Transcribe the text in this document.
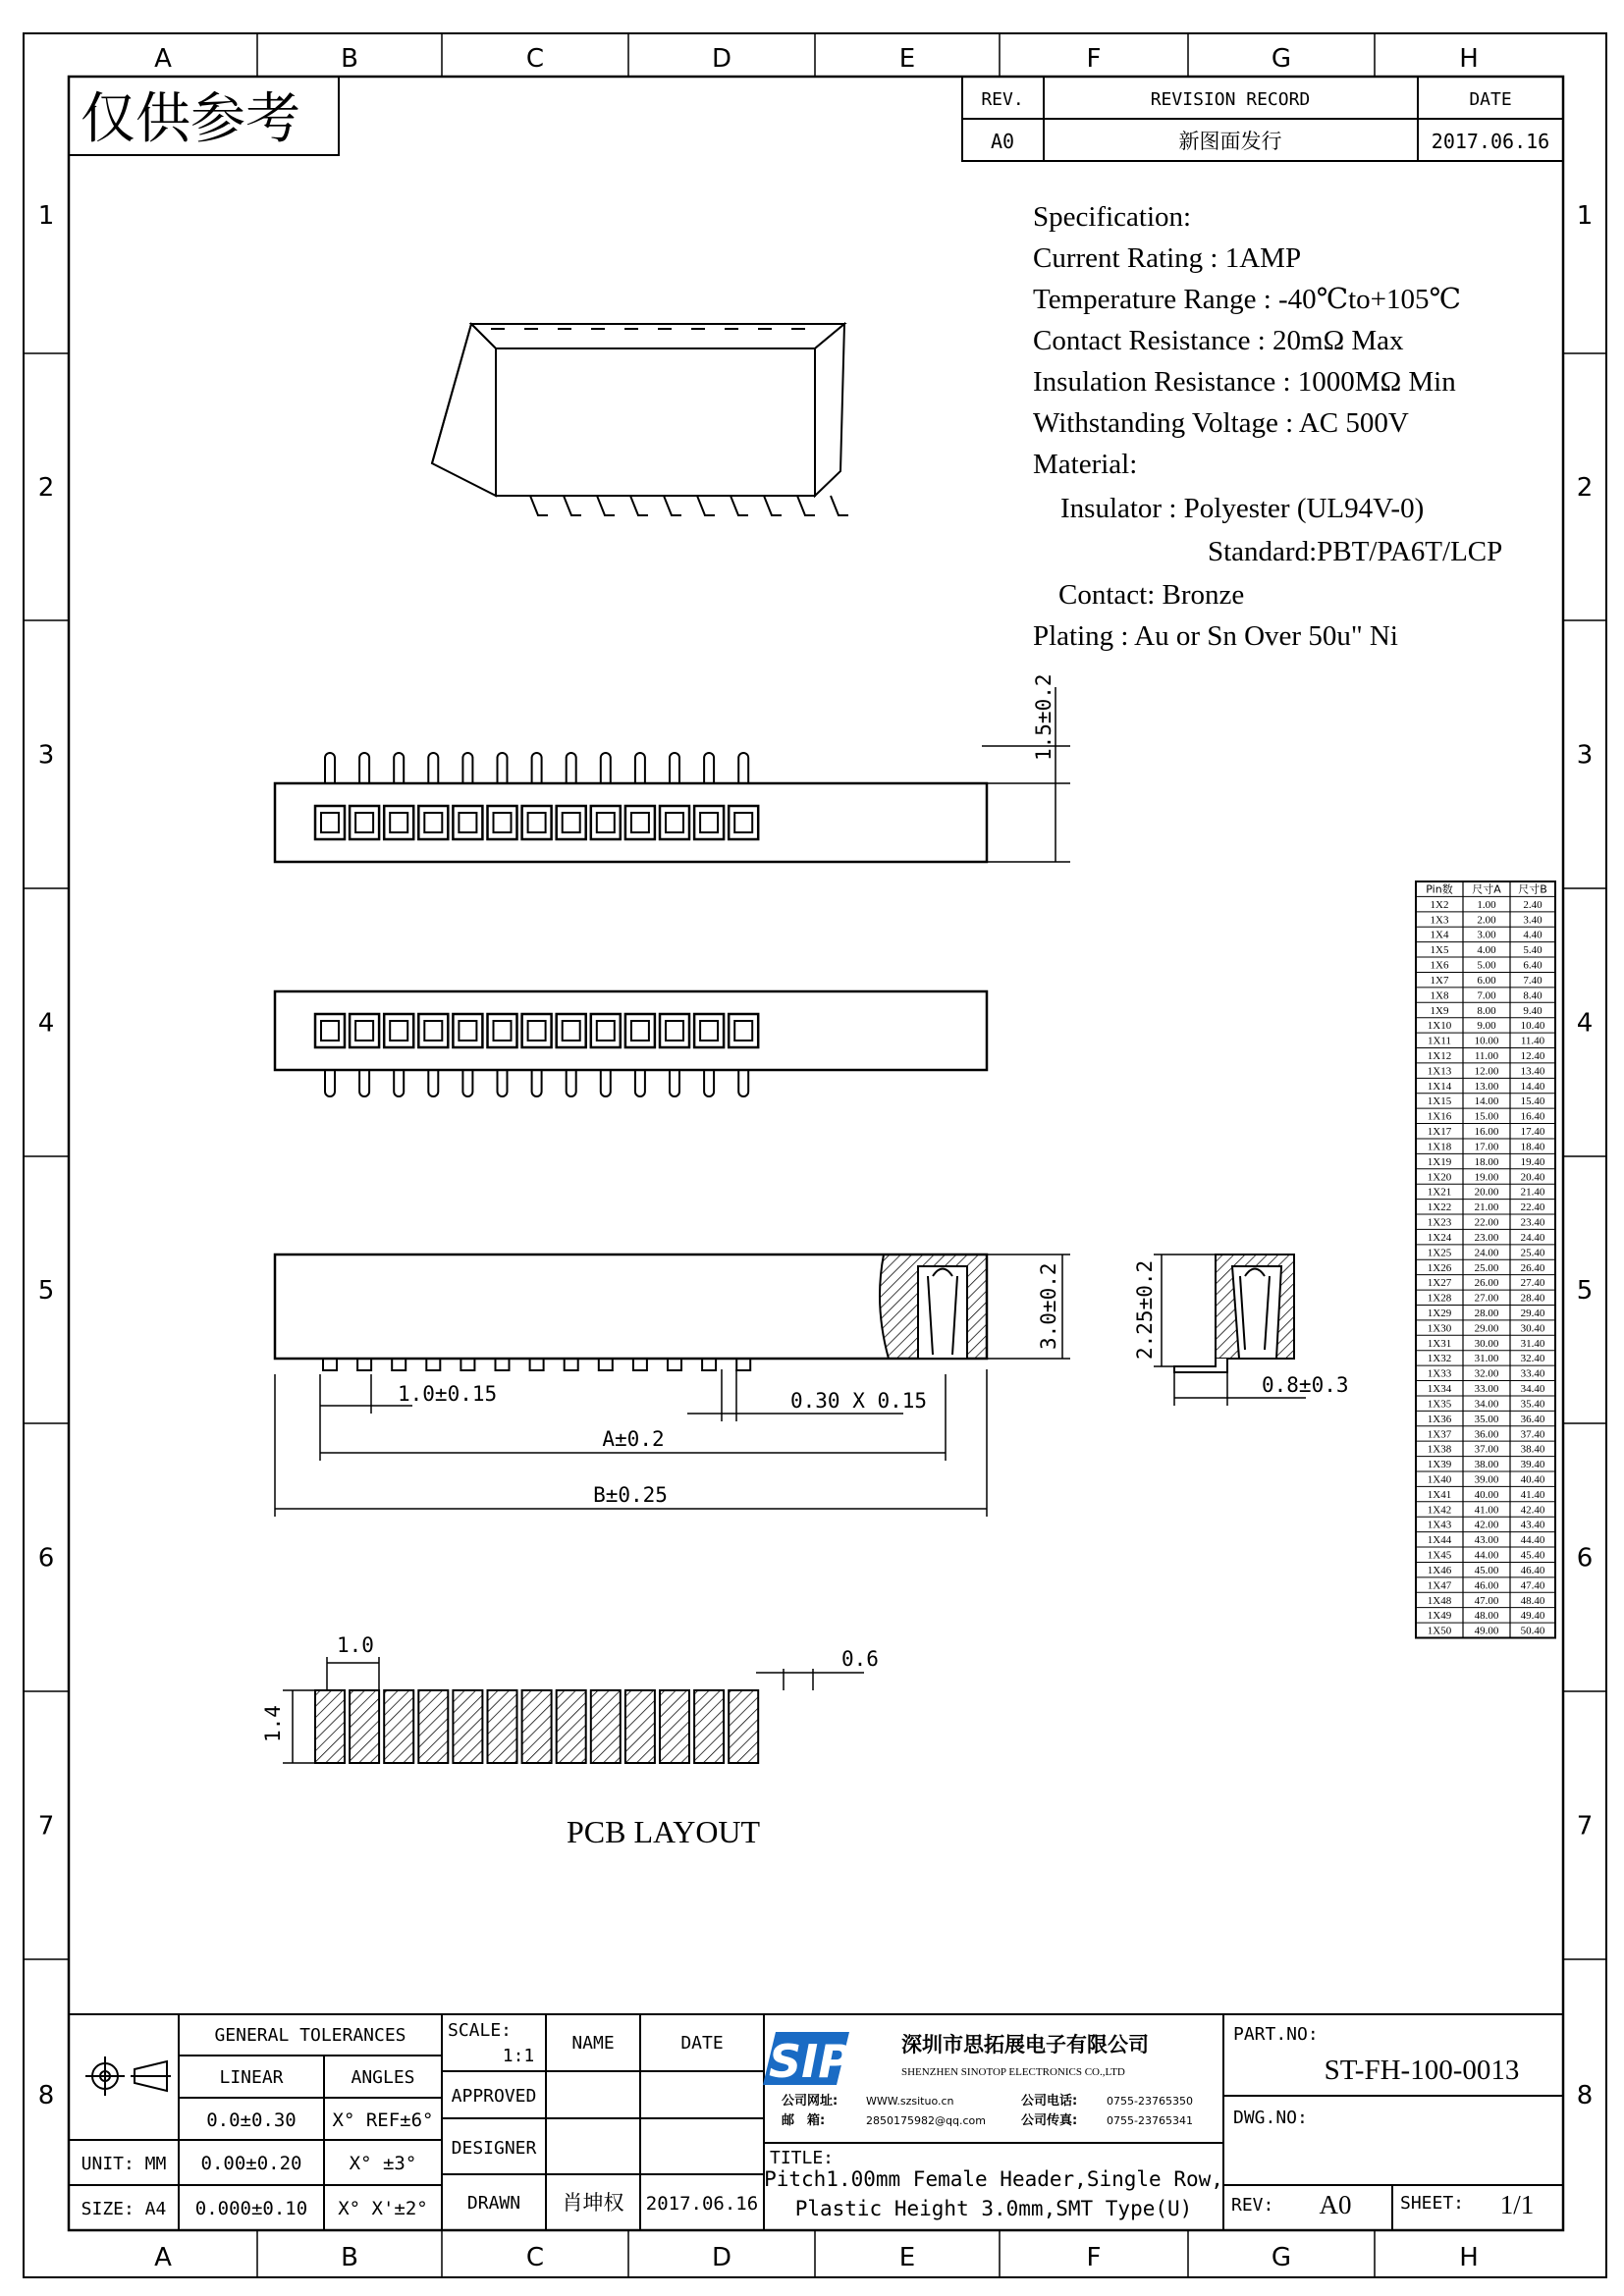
A
A
B
B
C
C
D
D
E
E
F
F
G
G
H
H
1	1
2	2
3	3
4	4
5	5
6	6
7	7
8	8
仅供参考	REV.	REVISION RECORD	DATE
A0	新图面发行	2017.06.16
Specification:
Current Rating : 1AMP
Temperature Range : -40℃to+105℃
Contact Resistance : 20mΩ Max
Insulation Resistance : 1000MΩ Min
Withstanding Voltage : AC 500V
Material:
Insulator : Polyester (UL94V-0)
Standard:PBT/PA6T/LCP
Contact: Bronze
Plating : Au or Sn Over 50u" Ni
1.5±0.2
3.0±0.2
1.0±0.15	0.30 X 0.15
A±0.2
B±0.25
2.25±0.2
0.8±0.3
1.0
0.6
1.4
PCB LAYOUT
Pin数 尺寸A 尺寸B
1X2	1.00	2.40
1X3	2.00	3.40
1X4	3.00	4.40
1X5	4.00	5.40
1X6	5.00	6.40
1X7	6.00	7.40
1X8	7.00	8.40
1X9	8.00	9.40
1X10 9.00 10.40
1X11 10.00 11.40
1X12 11.00 12.40
1X13 12.00 13.40
1X14 13.00 14.40
1X15 14.00 15.40
1X16 15.00 16.40
1X17 16.00 17.40
1X18 17.00 18.40
1X19 18.00 19.40
1X20 19.00 20.40
1X21 20.00 21.40
1X22 21.00 22.40
1X23 22.00 23.40
1X24 23.00 24.40
1X25 24.00 25.40
1X26 25.00 26.40
1X27 26.00 27.40
1X28 27.00 28.40
1X29 28.00 29.40
1X30 29.00 30.40
1X31 30.00 31.40
1X32 31.00 32.40
1X33 32.00 33.40
1X34 33.00 34.40
1X35 34.00 35.40
1X36 35.00 36.40
1X37 36.00 37.40
1X38 37.00 38.40
1X39 38.00 39.40
1X40 39.00 40.40
1X41 40.00 41.40
1X42 41.00 42.40
1X43 42.00 43.40
1X44 43.00 44.40
1X45 44.00 45.40
1X46 45.00 46.40
1X47 46.00 47.40
1X48 47.00 48.40
1X49 48.00 49.40
1X50 49.00 50.40
GENERAL TOLERANCES
LINEAR	ANGLES
0.0±0.30 X° REF±6°
UNIT: MM 0.00±0.20	X° ±3°
SIZE: A4 0.000±0.10 X° X'±2°
SCALE:
1:1
NAME	DATE
APPROVED
DESIGNER
DRAWN 肖坤权 2017.06.16
SIP 深圳市思拓展电子有限公司
SHENZHEN SINOTOP ELECTRONICS CO.,LTD
公司网址:	WWW.szsituo.cn
邮　箱:	2850175982@qq.com
公司电话:	0755-23765350
公司传真:	0755-23765341
TITLE:
Pitch1.00mm Female Header,Single Row,
Plastic Height 3.0mm,SMT Type(U)
PART.NO:
ST-FH-100-0013
DWG.NO:
REV: A0	SHEET: 1/1
